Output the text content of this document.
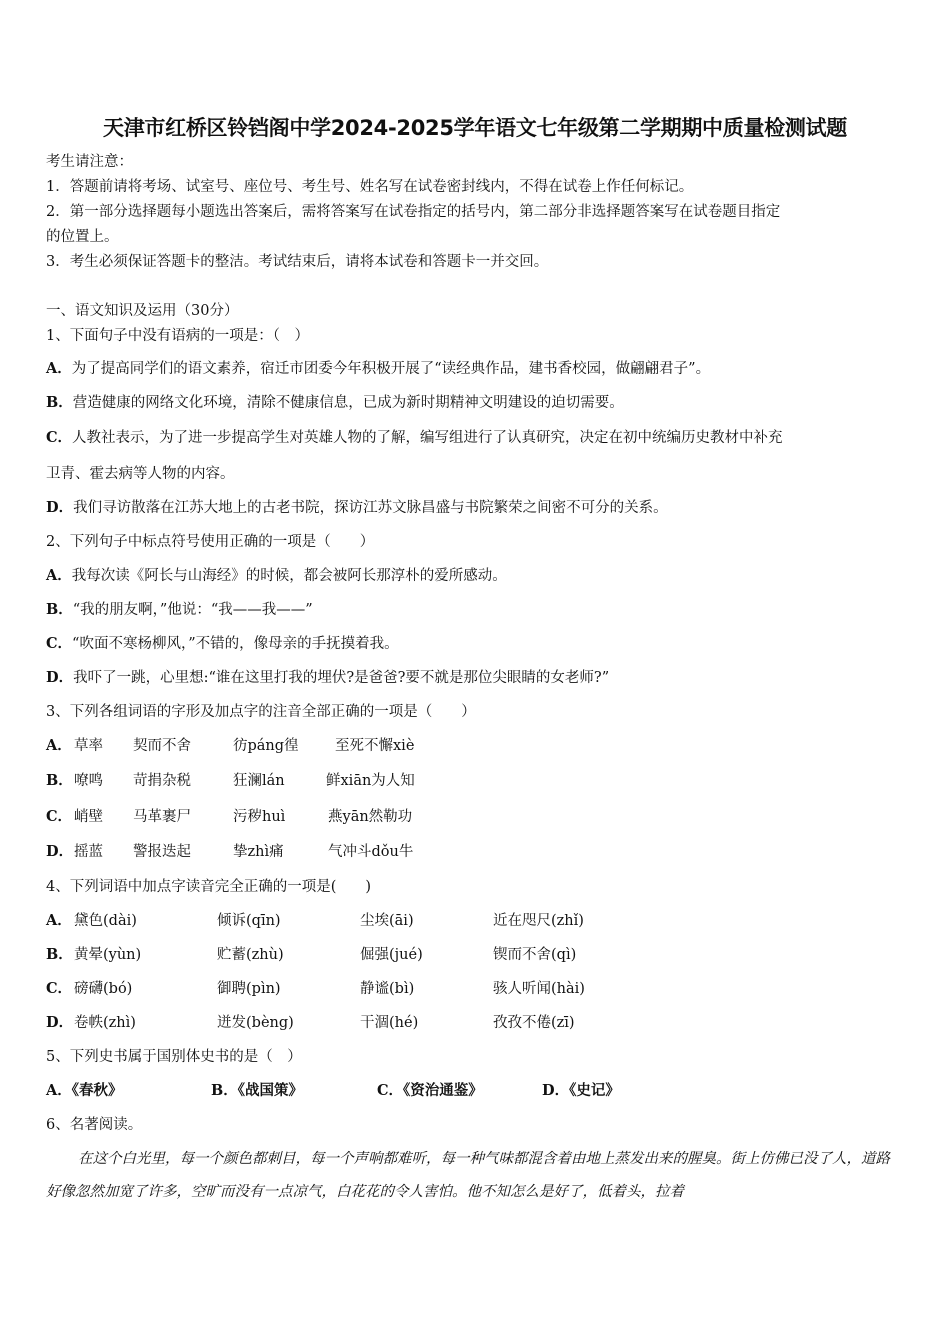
天津市红桥区铃铛阁中学2024-2025学年语文七年级第二学期期中质量检测试题
考生请注意：
1．答题前请将考场、试室号、座位号、考生号、姓名写在试卷密封线内，不得在试卷上作任何标记。
2．第一部分选择题每小题选出答案后，需将答案写在试卷指定的括号内，第二部分非选择题答案写在试卷题目指定
的位置上。
3．考生必须保证答题卡的整洁。考试结束后，请将本试卷和答题卡一并交回。
一、语文知识及运用（30分）
1、下面句子中没有语病的一项是：（　）
A．为了提高同学们的语文素养，宿迁市团委今年积极开展了“读经典作品，建书香校园，做翩翩君子”。
B．营造健康的网络文化环境，清除不健康信息，已成为新时期精神文明建设的迫切需要。
C．人教社表示，为了进一步提高学生对英雄人物的了解，编写组进行了认真研究，决定在初中统编历史教材中补充
卫青、霍去病等人物的内容。
D．我们寻访散落在江苏大地上的古老书院，探访江苏文脉昌盛与书院繁荣之间密不可分的关系。
2、下列句子中标点符号使用正确的一项是（　　）
A．我每次读《阿长与山海经》的时候，都会被阿长那淳朴的爱所感动。
B．“我的朋友啊，”他说：“我——我——”
C．“吹面不寒杨柳风，”不错的，像母亲的手抚摸着我。
D．我吓了一跳，心里想:“谁在这里打我的埋伏?是爸爸?要不就是那位尖眼睛的女老师?”
3、下列各组词语的字形及加点字的注音全部正确的一项是（　　）
A． 草率 契而不舍	彷páng徨	至死不懈xiè
B． 嘹鸣 苛捐杂税	狂澜lán	鲜xiān为人知
C． 峭壁 马革裹尸	污秽huì	燕yān然勒功
D． 摇蓝 警报迭起	挚zhì痛	气冲斗dǒu牛
4、下列词语中加点字读音完全正确的一项是(　　)
A． 黛色(dài)	倾诉(qīn)	尘埃(āi)	近在咫尺(zhǐ)
B． 黄晕(yùn)	贮蓄(zhù)	倔强(jué)	锲而不舍(qì)
C． 磅礴(bó)	御聘(pìn)	静谧(bì)	骇人听闻(hài)
D． 卷帙(zhì)	迸发(bèng)	干涸(hé)	孜孜不倦(zī)
5、下列史书属于国别体史书的是（　）
A．《春秋》	B．《战国策》	C．《资治通鉴》	D．《史记》
6、名著阅读。
在这个白光里，每一个颜色都刺目，每一个声响都难听，每一种气味都混含着由地上蒸发出来的腥臭。街上仿佛已没了人，道路好像忽然加宽了许多，空旷而没有一点凉气，白花花的令人害怕。他不知怎么是好了，低着头，拉着
